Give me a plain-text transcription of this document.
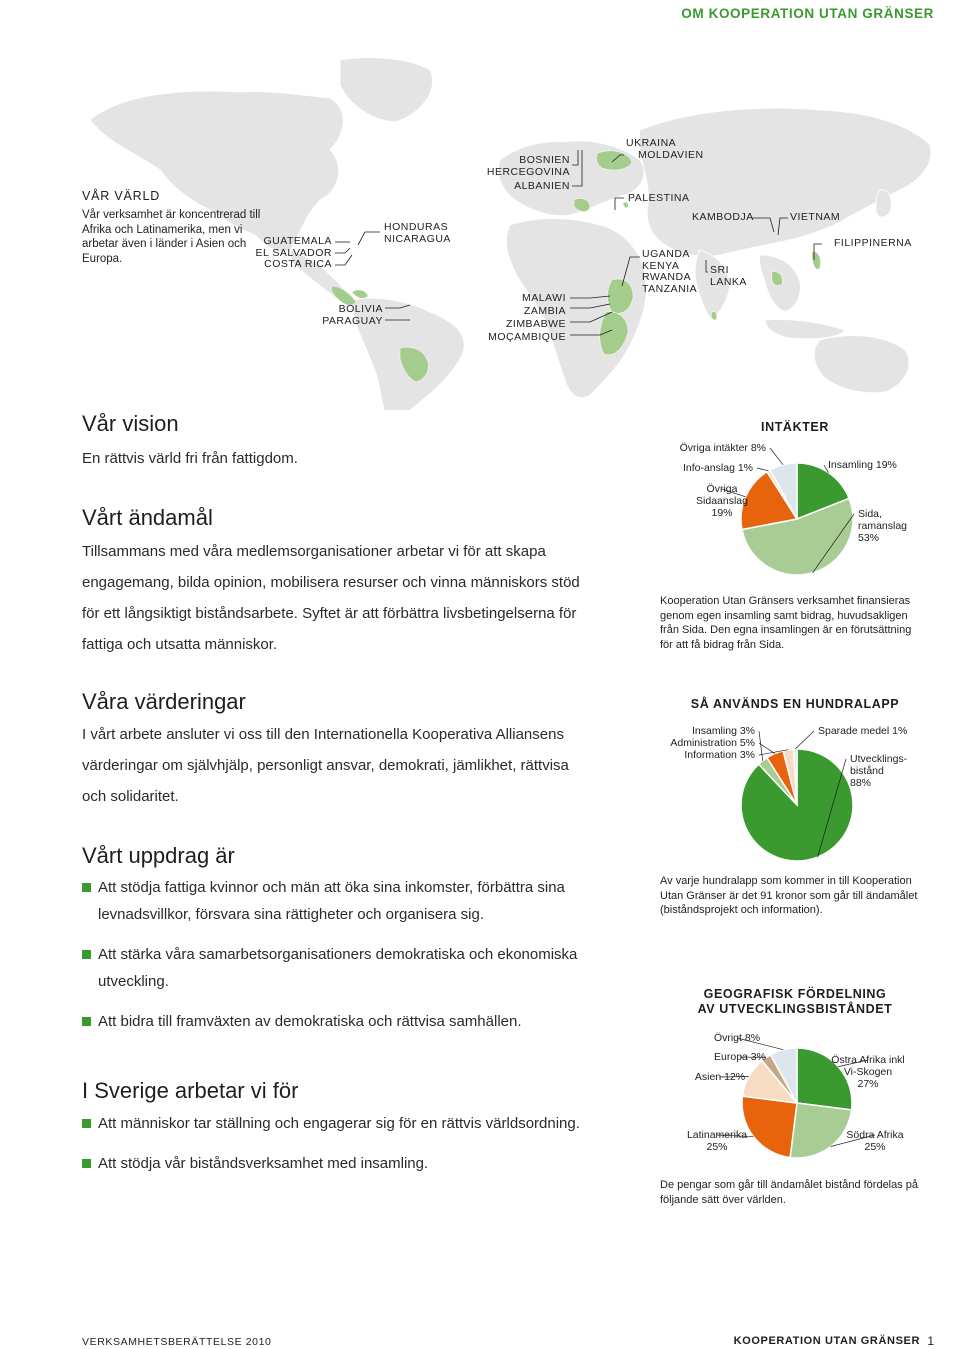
OM KOOPERATION UTAN GRÄNSER
VÅR VÄRLD
Vår verksamhet är koncentrerad till Afrika och Latinamerika, men vi arbetar även i länder i Asien och Europa.
GUATEMALA
EL SALVADOR
COSTA RICA
HONDURAS
NICARAGUA
BOLIVIA
PARAGUAY
BOSNIEN
HERCEGOVINA
ALBANIEN
UKRAINA
MOLDAVIEN
PALESTINA
UGANDA
KENYA
RWANDA
TANZANIA
MALAWI
ZAMBIA
ZIMBABWE
MOÇAMBIQUE
KAMBODJA	VIETNAM
SRI
LANKA
FILIPPINERNA
Vår vision
En rättvis värld fri från fattigdom.
Vårt ändamål
Tillsammans med våra medlemsorganisationer arbetar vi för att skapa engagemang, bilda opinion, mobilisera resurser och vinna människors stöd för ett långsiktigt biståndsarbete. Syftet är att förbättra livsbetingelserna för fattiga och utsatta människor.
Våra värderingar
I vårt arbete ansluter vi oss till den Internationella Kooperativa Alliansens värderingar om självhjälp, personligt ansvar, demokrati, jämlikhet, rättvisa och solidaritet.
Vårt uppdrag är
Att stödja fattiga kvinnor och män att öka sina inkomster, förbättra sina levnadsvillkor, försvara sina rättigheter och organisera sig.
Att stärka våra samarbetsorganisationers demokratiska och ekonomiska utveckling.
Att bidra till framväxten av demokratiska och rättvisa samhällen.
I Sverige arbetar vi för
Att människor tar ställning och engagerar sig för en rättvis världsordning.
Att stödja vår biståndsverksamhet med insamling.
INTÄKTER
Insamling 19%
Sida, ramanslag 53%
Övriga Sidaanslag 19%
Info-anslag 1%
Övriga intäkter 8%
Kooperation Utan Gränsers verksamhet finansieras genom egen insamling samt bidrag, huvudsakligen från Sida. Den egna insamlingen är en förutsättning för att få bidrag från Sida.
SÅ ANVÄNDS EN HUNDRALAPP
Utvecklings-bistånd 88%
Insamling 3%
Administration 5%
Information 3%
Sparade medel 1%
Av varje hundralapp som kommer in till Kooperation Utan Gränser är det 91 kronor som går till ändamålet (biståndsprojekt och information).
GEOGRAFISK FÖRDELNING
AV UTVECKLINGSBISTÅNDET
Östra Afrika inkl Vi-Skogen 27%
Södra Afrika 25%
Latinamerika 25%
Asien 12%
Europa 3%
Övrigt 8%
De pengar som går till ändamålet bistånd fördelas på följande sätt över världen.
VERKSAMHETSBERÄTTELSE 2010	KOOPERATION UTAN GRÄNSER 1
